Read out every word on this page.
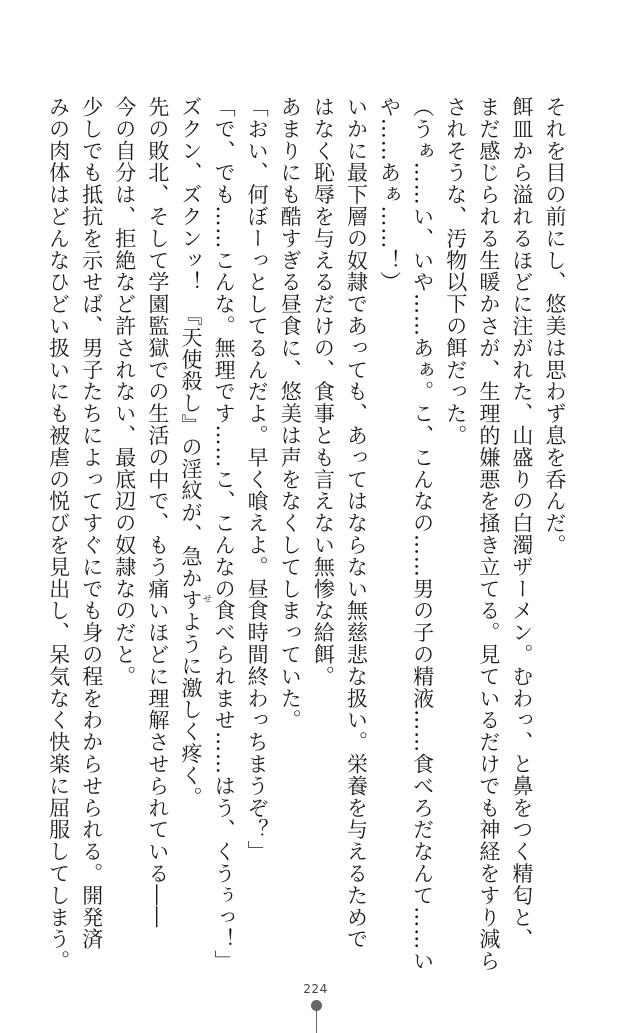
それを目の前にし、悠美は思わず息を呑んだ。
餌皿から溢れるほどに注がれた、山盛りの白濁ザーメン。むわっ、と鼻をつく精匂と、
まだ感じられる生暖かさが、生理的嫌悪を掻き立てる。見ているだけでも神経をすり減ら
されそうな、汚物以下の餌だった。
（うぁ……い、いや……あぁ。こ、こんなの……男の子の精液……食べろだなんて……い
や……あぁ……！）
いかに最下層の奴隷であっても、あってはならない無慈悲な扱い。栄養を与えるためで
はなく恥辱を与えるだけの、食事とも言えない無惨な給餌。
あまりにも酷すぎる昼食に、悠美は声をなくしてしまっていた。
「おい、何ぼーっとしてるんだよ。早く喰えよ。昼食時間終わっちまうぞ？」
「で、でも……こんな。無理です……こ、こんなの食べられませ……はう、くうぅっ！」
ズクン、ズクンッ！　『天使殺し』の淫紋が、急かすように激しく疼く。
先の敗北、そして学園監獄での生活の中で、もう痛いほどに理解させられている――
今の自分は、拒絶など許されない、最底辺の奴隷なのだと。
少しでも抵抗を示せば、男子たちによってすぐにでも身の程をわからせられる。開発済
みの肉体はどんなひどい扱いにも被虐の悦びを見出し、呆気なく快楽に屈服してしまう。	せ
224
